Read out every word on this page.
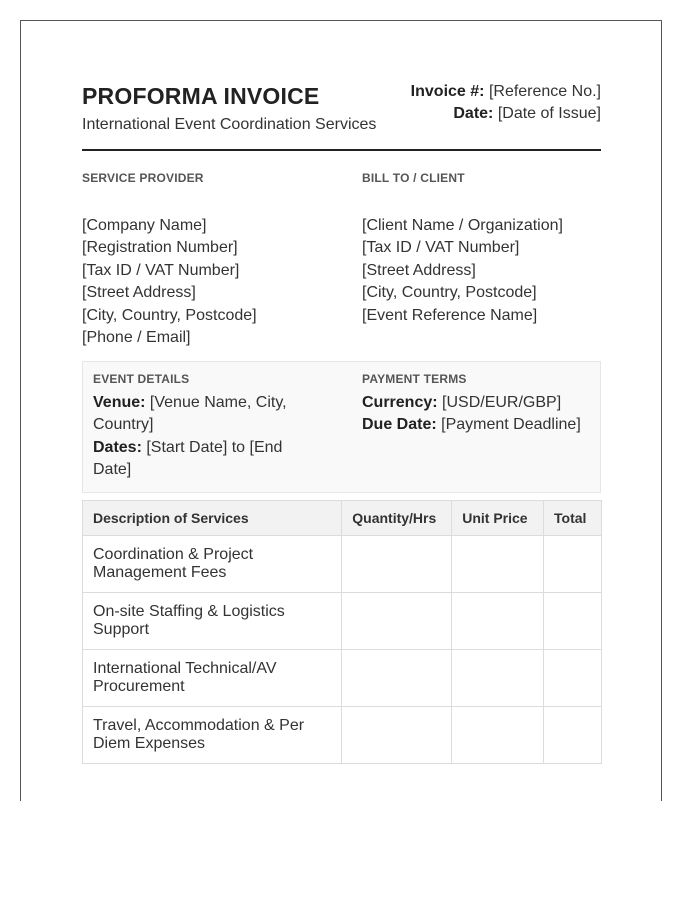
PROFORMA INVOICE
International Event Coordination Services
Invoice #: [Reference No.]
Date: [Date of Issue]
SERVICE PROVIDER
[Company Name]
[Registration Number]
[Tax ID / VAT Number]
[Street Address]
[City, Country, Postcode]
[Phone / Email]
BILL TO / CLIENT
[Client Name / Organization]
[Tax ID / VAT Number]
[Street Address]
[City, Country, Postcode]
[Event Reference Name]
EVENT DETAILS
Venue: [Venue Name, City, Country]
Dates: [Start Date] to [End Date]
PAYMENT TERMS
Currency: [USD/EUR/GBP]
Due Date: [Payment Deadline]
Description of Services	Quantity/Hrs	Unit Price	Total
Coordination & Project Management Fees			
On-site Staffing & Logistics Support			
International Technical/AV Procurement			
Travel, Accommodation & Per Diem Expenses			
